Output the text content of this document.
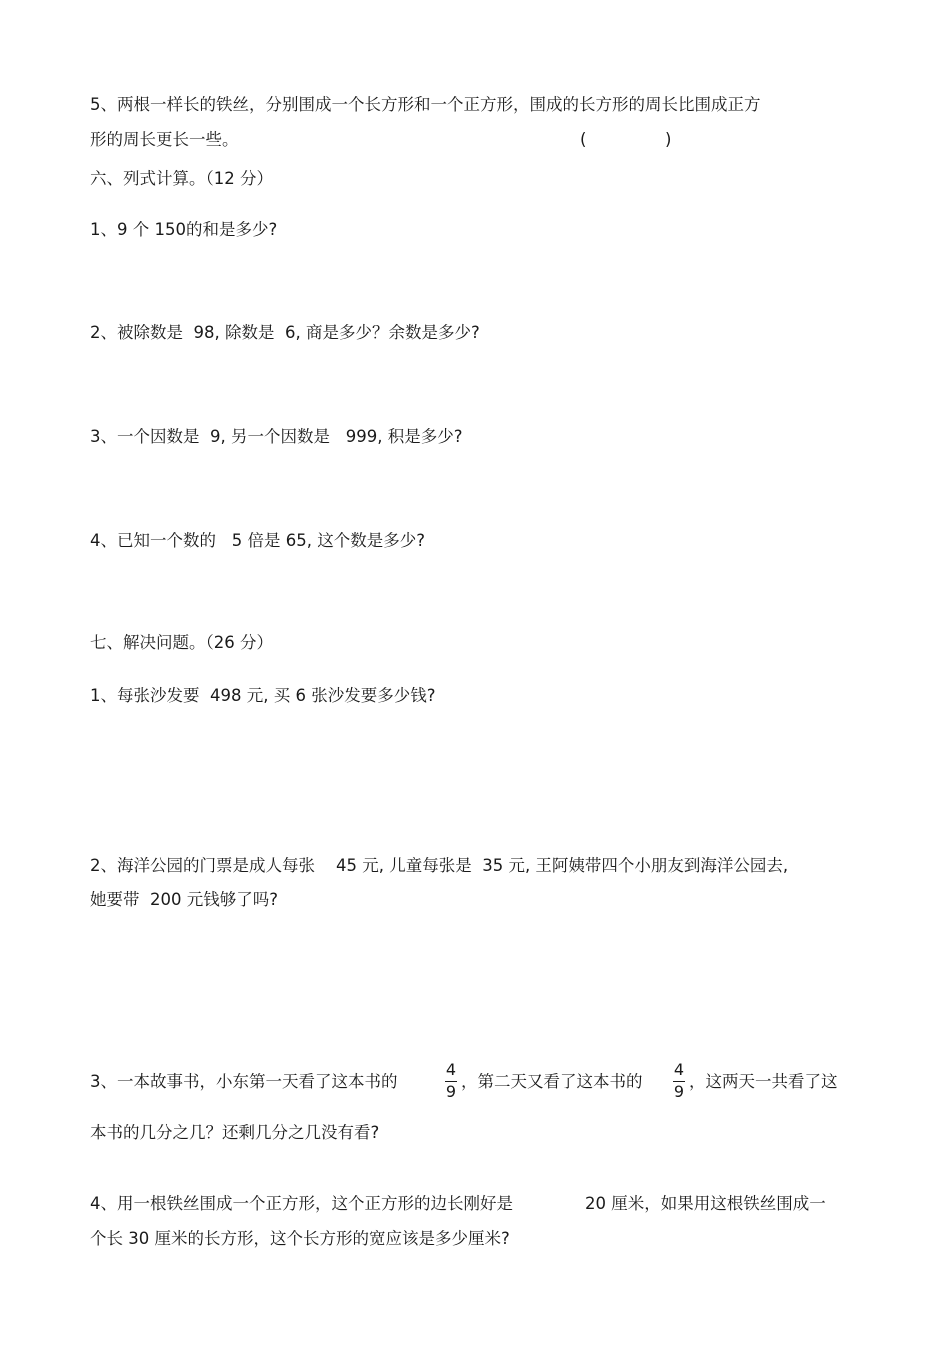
5、两根一样长的铁丝，分别围成一个长方形和一个正方形，围成的长方形的周长比围成正方
形的周长更长一些。	(	)
六、列式计算。（12 分）
1、9 个 150的和是多少?
2、被除数是  98, 除数是  6, 商是多少？余数是多少?
3、一个因数是  9, 另一个因数是   999, 积是多少?
4、已知一个数的   5 倍是 65, 这个数是多少?
七、解决问题。（26 分）
1、每张沙发要  498 元, 买 6 张沙发要多少钱?
2、海洋公园的门票是成人每张    45 元, 儿童每张是  35 元, 王阿姨带四个小朋友到海洋公园去,
她要带  200 元钱够了吗?
3、一本故事书，小东第一天看了这本书的
4
9
，第二天又看了这本书的
4
9
，这两天一共看了这
本书的几分之几？还剩几分之几没有看?
4、用一根铁丝围成一个正方形，这个正方形的边长刚好是	20 厘米，如果用这根铁丝围成一
个长 30 厘米的长方形，这个长方形的宽应该是多少厘米?
